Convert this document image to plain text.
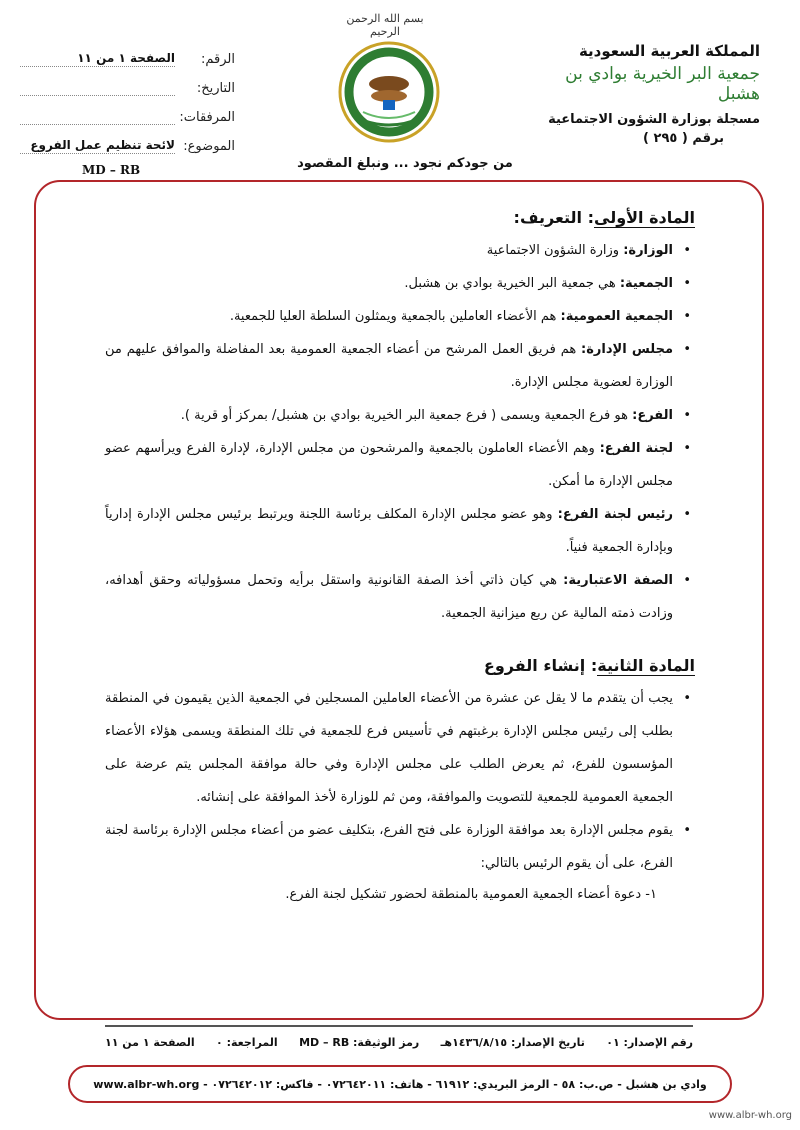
بسم الله الرحمن الرحيم
من جودكم نجود ... ونبلغ المقصود
المملكة العربية السعودية
جمعية البر الخيرية بوادي بن هشبل
مسجلة بوزارة الشؤون الاجتماعية
برقم ( ٢٩٥ )
الرقم:
الصفحة ١ من ١١
التاريخ:
المرفقات:
الموضوع:
لائحة تنظيم عمل الفروع
MD – RB
المادة الأولى: التعريف:
• الوزارة: وزارة الشؤون الاجتماعية
• الجمعية: هي جمعية البر الخيرية بوادي بن هشبل.
• الجمعية العمومية: هم الأعضاء العاملين بالجمعية ويمثلون السلطة العليا للجمعية.
• مجلس الإدارة: هم فريق العمل المرشح من أعضاء الجمعية العمومية بعد المفاضلة والموافق عليهم من الوزارة لعضوية مجلس الإدارة.
• الفرع: هو فرع الجمعية ويسمى ( فرع جمعية البر الخيرية بوادي بن هشبل/ بمركز أو قرية ).
• لجنة الفرع: وهم الأعضاء العاملون بالجمعية والمرشحون من مجلس الإدارة، لإدارة الفرع ويرأسهم عضو مجلس الإدارة ما أمكن.
• رئيس لجنة الفرع: وهو عضو مجلس الإدارة المكلف برئاسة اللجنة ويرتبط برئيس مجلس الإدارة إدارياً وبإدارة الجمعية فنياً.
• الصفة الاعتبارية: هي كيان ذاتي أخذ الصفة القانونية واستقل برأيه وتحمل مسؤولياته وحقق أهدافه، وزادت ذمته المالية عن ربع ميزانية الجمعية.
المادة الثانية: إنشاء الفروع
• يجب أن يتقدم ما لا يقل عن عشرة من الأعضاء العاملين المسجلين في الجمعية الذين يقيمون في المنطقة بطلب إلى رئيس مجلس الإدارة برغبتهم في تأسيس فرع للجمعية في تلك المنطقة ويسمى هؤلاء الأعضاء المؤسسون للفرع، ثم يعرض الطلب على مجلس الإدارة وفي حالة موافقة المجلس يتم عرضة على الجمعية العمومية للجمعية للتصويت والموافقة، ومن ثم للوزارة لأخذ الموافقة على إنشائه.
• يقوم مجلس الإدارة بعد موافقة الوزارة على فتح الفرع، بتكليف عضو من أعضاء مجلس الإدارة برئاسة لجنة الفرع، على أن يقوم الرئيس بالتالي:
١- دعوة أعضاء الجمعية العمومية بالمنطقة لحضور تشكيل لجنة الفرع.
رقم الإصدار: ٠١
تاريخ الإصدار: ١٤٣٦/٨/١٥هـ
رمز الوثيقة: MD – RB
المراجعة: ٠
الصفحة ١ من ١١
وادي بن هشبل - ص.ب: ٥٨ - الرمز البريدي: ٦١٩١٢ - هاتف: ٠٧٢٦٤٢٠١١ - فاكس: ٠٧٢٦٤٢٠١٢ - www.albr-wh.org
www.albr-wh.org
